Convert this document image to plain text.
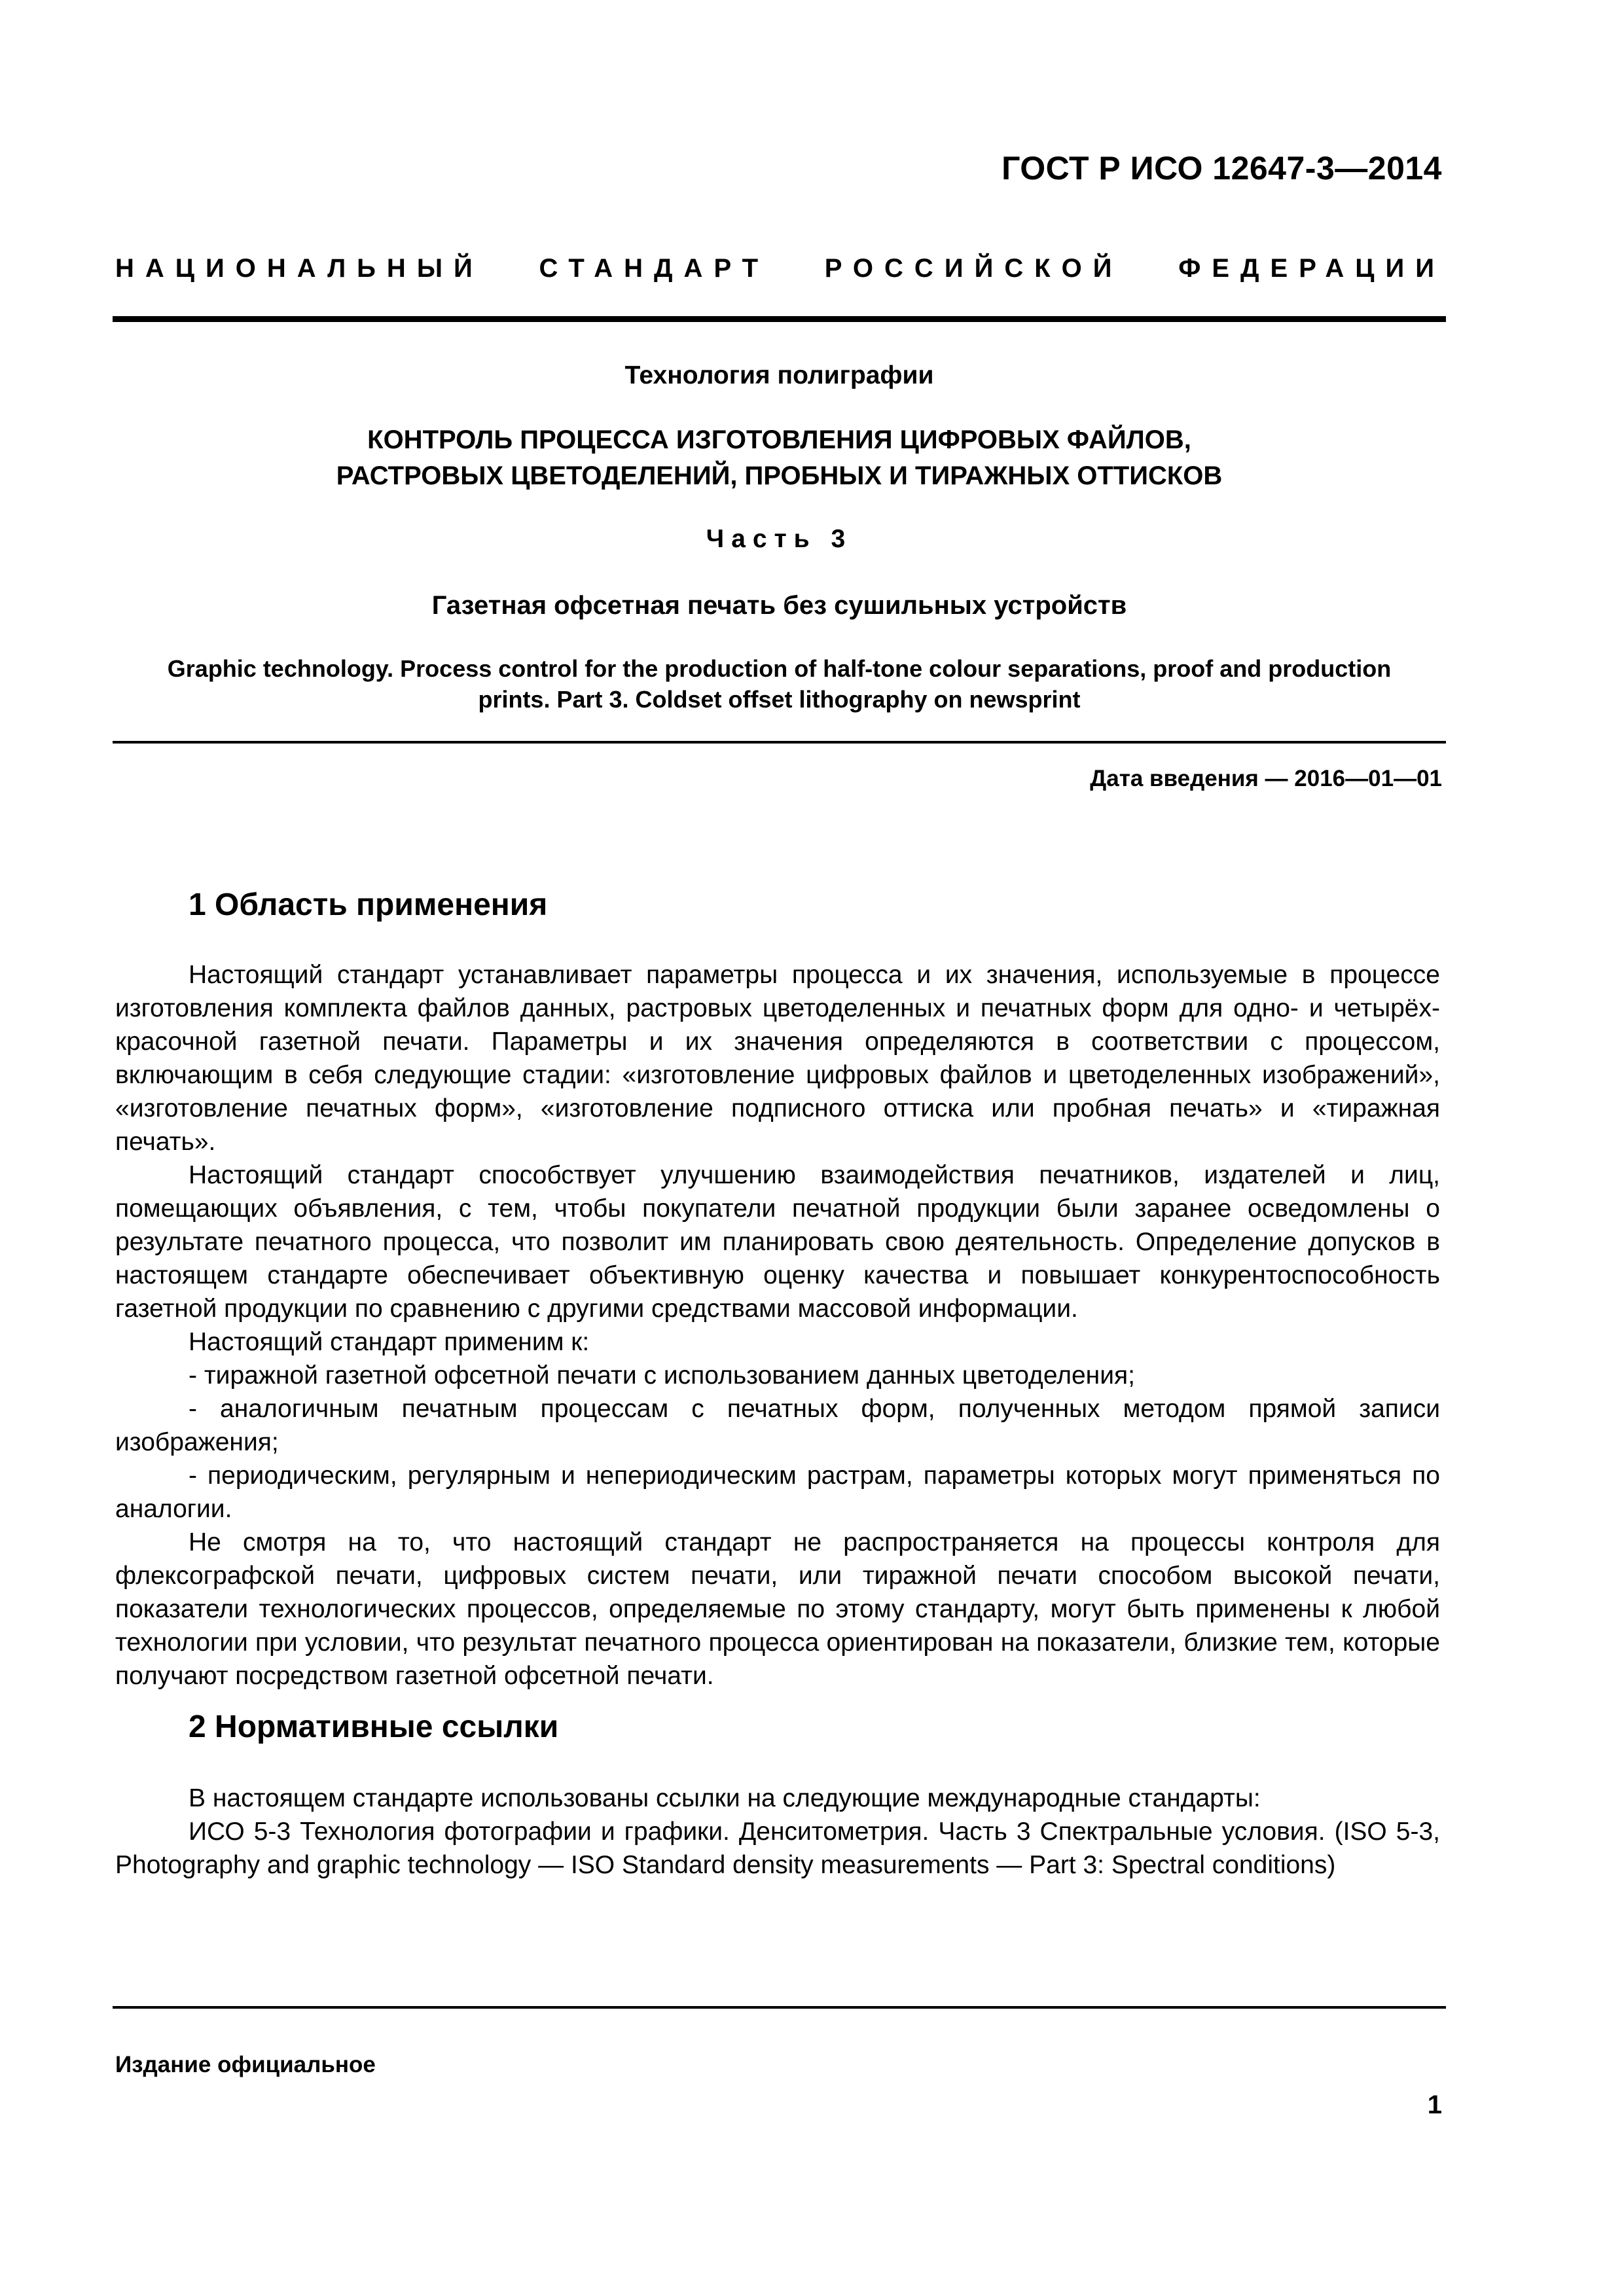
ГОСТ Р ИСО 12647-3—2014
НАЦИОНАЛЬНЫЙ СТАНДАРТ РОССИЙСКОЙ ФЕДЕРАЦИИ
Технология полиграфии
КОНТРОЛЬ ПРОЦЕССА ИЗГОТОВЛЕНИЯ ЦИФРОВЫХ ФАЙЛОВ,
РАСТРОВЫХ ЦВЕТОДЕЛЕНИЙ, ПРОБНЫХ И ТИРАЖНЫХ ОТТИСКОВ
Часть 3
Газетная офсетная печать без сушильных устройств
Graphic technology. Process control for the production of half-tone colour separations, proof and production
prints. Part 3. Coldset offset lithography on newsprint
Дата введения — 2016—01—01
1 Область применения

Настоящий стандарт устанавливает параметры процесса и их значения, используемые в процессе изготовления комплекта файлов данных, растровых цветоделенных и печатных форм для одно- и четырёх-красочной газетной печати. Параметры и их значения определяются в соответствии с процессом, включающим в себя следующие стадии: «изготовление цифровых файлов и цветоделенных изображений», «изготовление печатных форм», «изготовление подписного оттиска или пробная печать» и «тиражная печать».

Настоящий стандарт способствует улучшению взаимодействия печатников, издателей и лиц, помещающих объявления, с тем, чтобы покупатели печатной продукции были заранее осведомлены о результате печатного процесса, что позволит им планировать свою деятельность. Определение допусков в настоящем стандарте обеспечивает объективную оценку качества и повышает конкурентоспособность газетной продукции по сравнению с другими средствами массовой информации.

Настоящий стандарт применим к:

- тиражной газетной офсетной печати с использованием данных цветоделения;

- аналогичным печатным процессам с печатных форм, полученных методом прямой записи изображения;

- периодическим, регулярным и непериодическим растрам, параметры которых могут применяться по аналогии.

Не смотря на то, что настоящий стандарт не распространяется на процессы контроля для флексографской печати, цифровых систем печати, или тиражной печати способом высокой печати, показатели технологических процессов, определяемые по этому стандарту, могут быть применены к любой технологии при условии, что результат печатного процесса ориентирован на показатели, близкие тем, которые получают посредством газетной офсетной печати.

2 Нормативные ссылки

В настоящем стандарте использованы ссылки на следующие международные стандарты:

ИСО 5-3 Технология фотографии и графики. Денситометрия. Часть 3 Спектральные условия. (ISO 5-3, Photography and graphic technology — ISO Standard density measurements — Part 3: Spectral conditions)

Издание официальное
1
